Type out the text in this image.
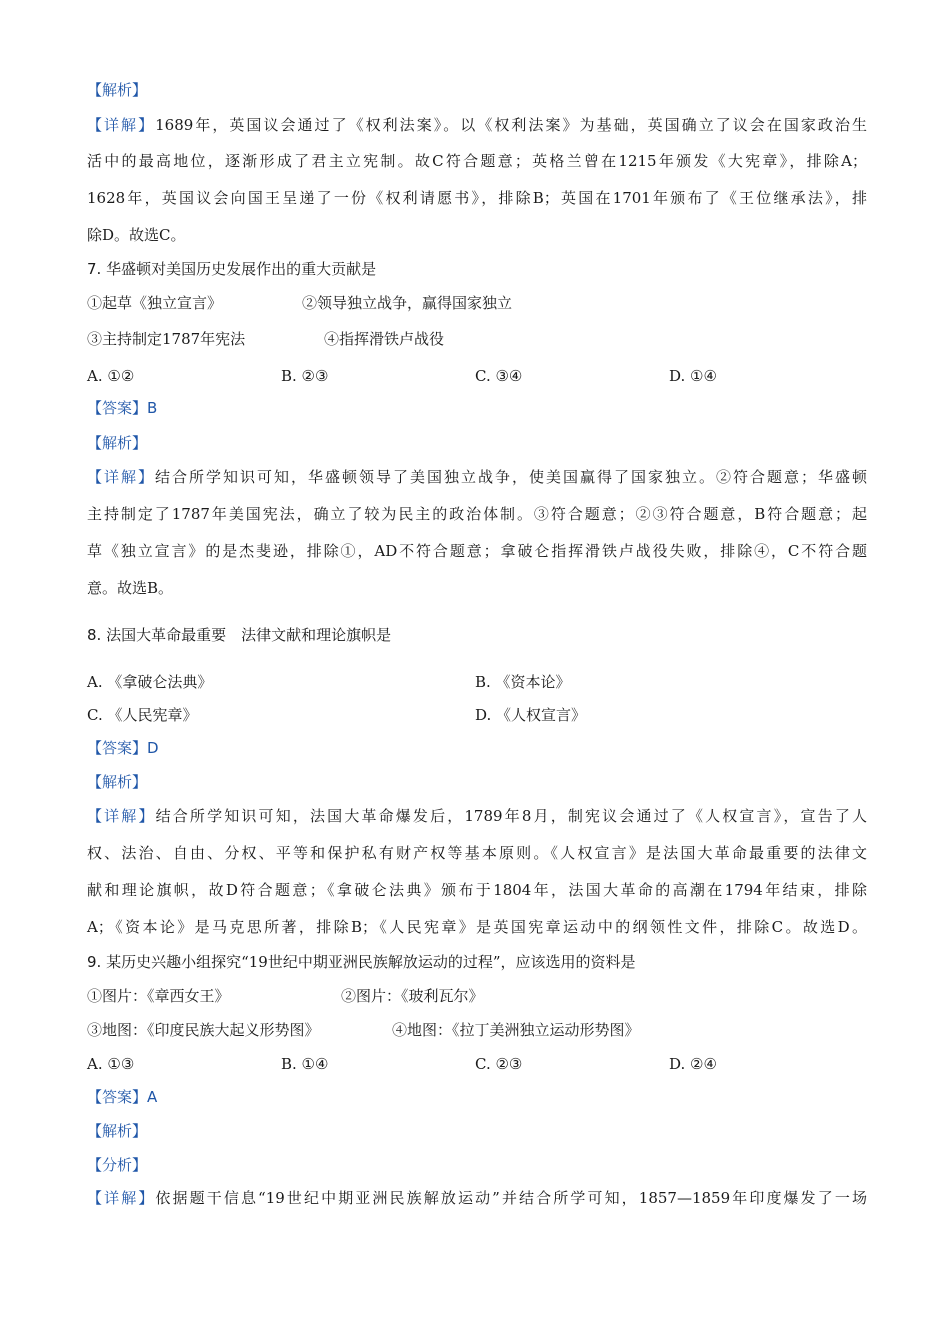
【解析】
【详解】1689年，英国议会通过了《权利法案》。以《权利法案》为基础，英国确立了议会在国家政治生
活中的最高地位，逐渐形成了君主立宪制。故C符合题意；英格兰曾在1215年颁发《大宪章》，排除A；
1628年，英国议会向国王呈递了一份《权利请愿书》，排除B；英国在1701年颁布了《王位继承法》，排
除D。故选C。
7. 华盛顿对美国历史发展作出的重大贡献是
①起草《独立宣言》	②领导独立战争，赢得国家独立
③主持制定1787年宪法	④指挥滑铁卢战役
A. ①②	B. ②③	C. ③④	D. ①④
【答案】B
【解析】
【详解】结合所学知识可知，华盛顿领导了美国独立战争，使美国赢得了国家独立。②符合题意；华盛顿
主持制定了1787年美国宪法，确立了较为民主的政治体制。③符合题意；②③符合题意，B符合题意；起
草《独立宣言》的是杰斐逊，排除①，AD不符合题意；拿破仑指挥滑铁卢战役失败，排除④，C不符合题
意。故选B。
8. 法国大革命最重要　法律文献和理论旗帜是
A. 《拿破仑法典》	B. 《资本论》
C. 《人民宪章》	D. 《人权宣言》
【答案】D
【解析】
【详解】结合所学知识可知，法国大革命爆发后，1789年8月，制宪议会通过了《人权宣言》，宣告了人
权、法治、自由、分权、平等和保护私有财产权等基本原则。《人权宣言》是法国大革命最重要的法律文
献和理论旗帜，故D符合题意；《拿破仑法典》颁布于1804年，法国大革命的高潮在1794年结束，排除
A；《资本论》是马克思所著，排除B；《人民宪章》是英国宪章运动中的纲领性文件，排除C。故选D。
9. 某历史兴趣小组探究“19世纪中期亚洲民族解放运动的过程”，应该选用的资料是
①图片：《章西女王》	②图片：《玻利瓦尔》
③地图：《印度民族大起义形势图》	④地图：《拉丁美洲独立运动形势图》
A. ①③	B. ①④	C. ②③	D. ②④
【答案】A
【解析】
【分析】
【详解】依据题干信息“19世纪中期亚洲民族解放运动”并结合所学可知，1857—1859年印度爆发了一场
